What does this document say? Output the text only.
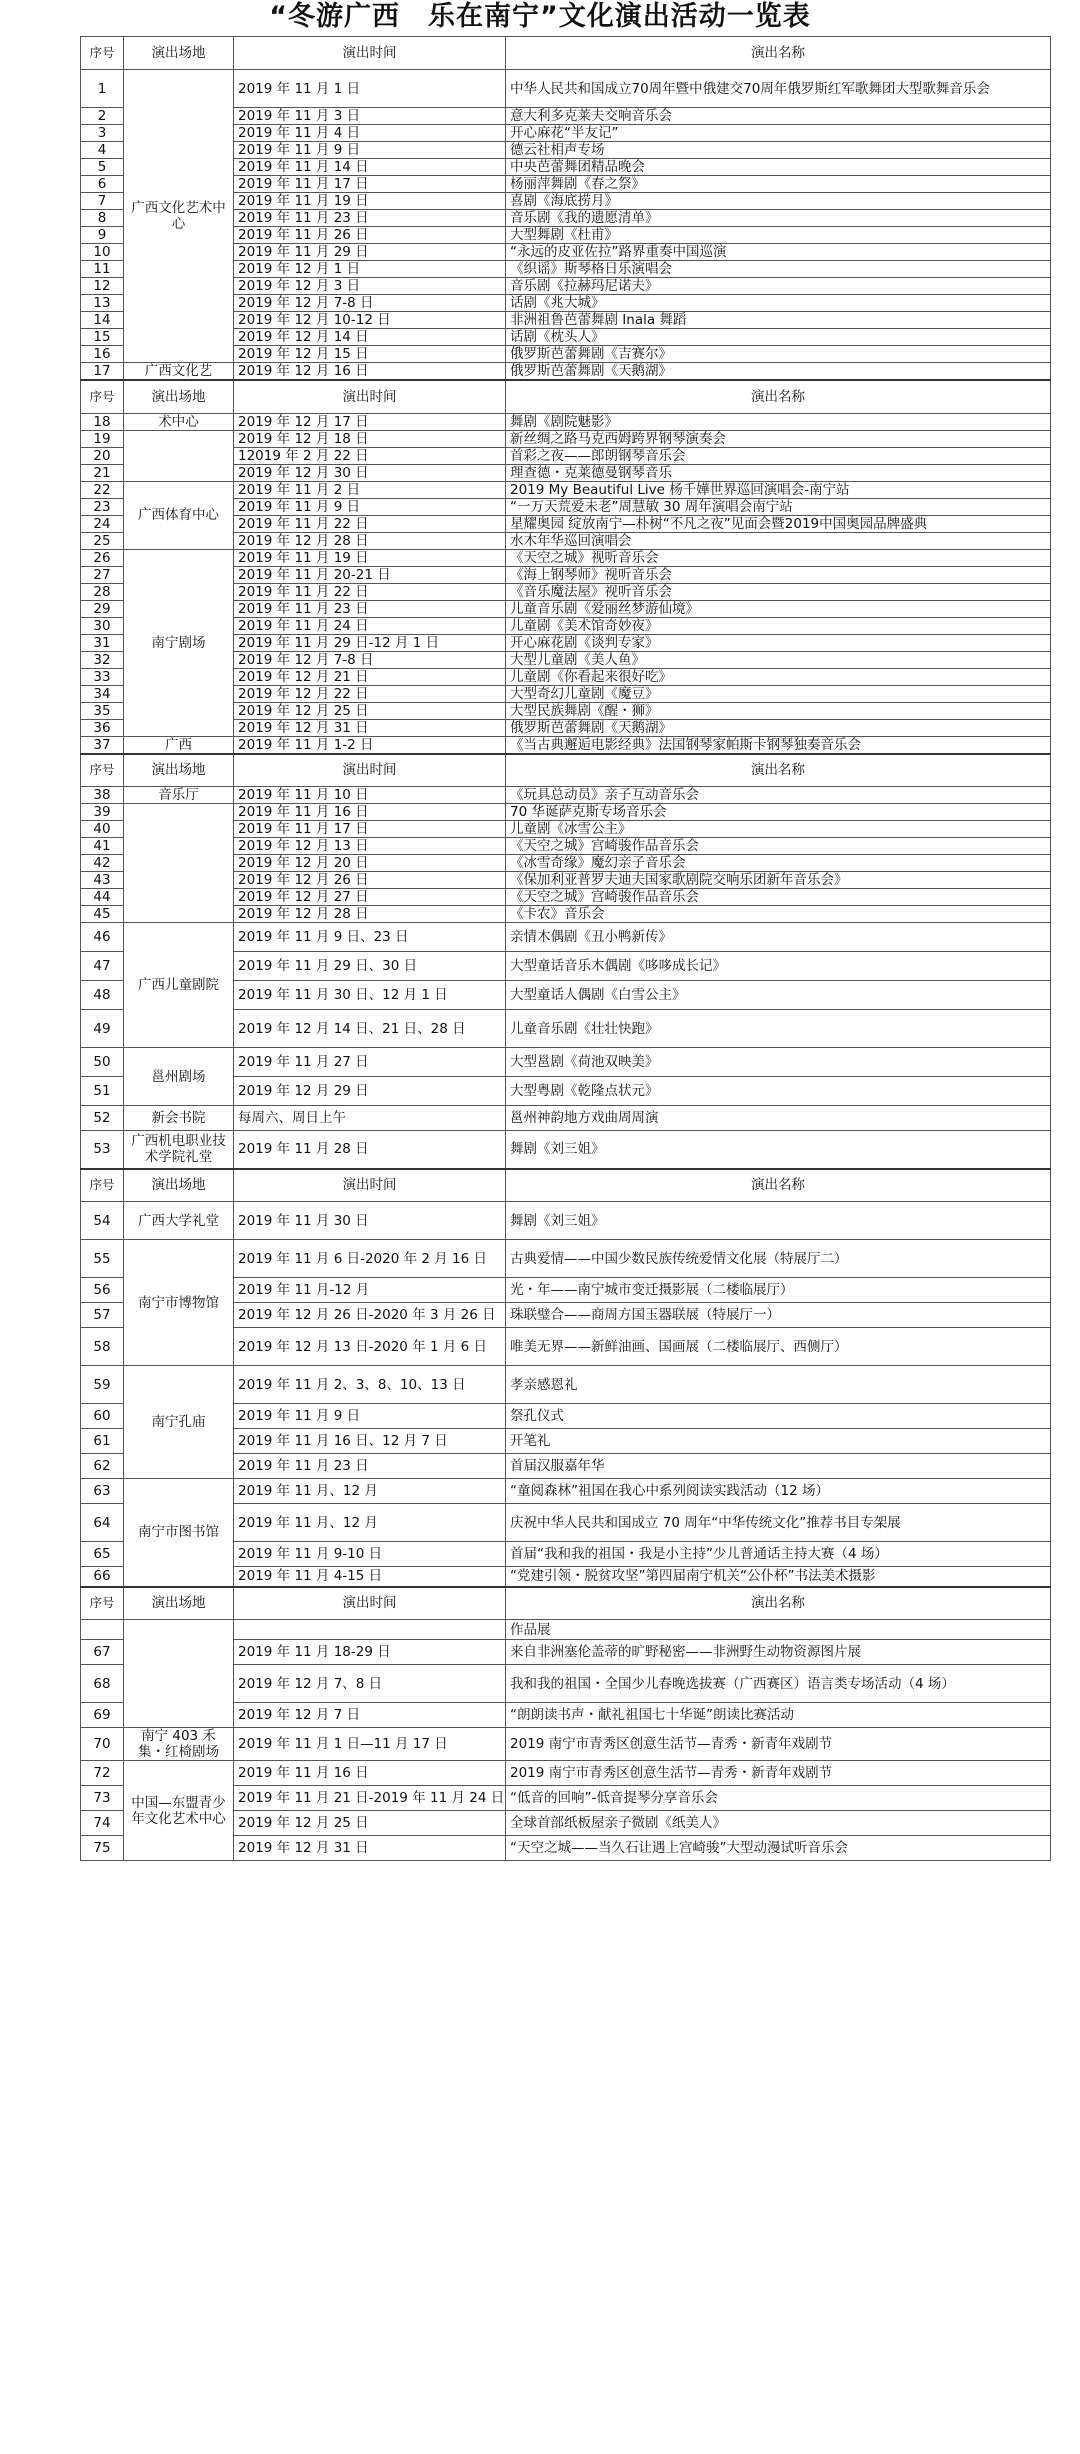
“冬游广西　乐在南宁”文化演出活动一览表
序号	演出场地	演出时间	演出名称
1	广西文化艺术中心	2019 年 11 月 1 日	中华人民共和国成立70周年暨中俄建交70周年俄罗斯红军歌舞团大型歌舞音乐会
2		2019 年 11 月 3 日	意大利多克莱夫交响音乐会
3		2019 年 11 月 4 日	开心麻花“半友记”
4		2019 年 11 月 9 日	德云社相声专场
5		2019 年 11 月 14 日	中央芭蕾舞团精品晚会
6		2019 年 11 月 17 日	杨丽萍舞剧《春之祭》
7		2019 年 11 月 19 日	喜剧《海底捞月》
8		2019 年 11 月 23 日	音乐剧《我的遗愿清单》
9		2019 年 11 月 26 日	大型舞剧《杜甫》
10		2019 年 11 月 29 日	“永远的皮亚佐拉”路界重奏中国巡演
11		2019 年 12 月 1 日	《织谣》斯琴格日乐演唱会
12		2019 年 12 月 3 日	音乐剧《拉赫玛尼诺夫》
13		2019 年 12 月 7-8 日	话剧《兆大城》
14		2019 年 12 月 10-12 日	非洲祖鲁芭蕾舞剧 Inala 舞蹈
15		2019 年 12 月 14 日	话剧《枕头人》
16		2019 年 12 月 15 日	俄罗斯芭蕾舞剧《吉赛尔》
17	广西文化艺	2019 年 12 月 16 日	俄罗斯芭蕾舞剧《天鹅湖》
序号	演出场地	演出时间	演出名称
18	术中心	2019 年 12 月 17 日	舞剧《剧院魅影》
19		2019 年 12 月 18 日	新丝绸之路马克西姆跨界钢琴演奏会
20		12019 年 2 月 22 日	首彩之夜——郎朗钢琴音乐会
21		2019 年 12 月 30 日	理查德・克莱德曼钢琴音乐
22	广西体育中心	2019 年 11 月 2 日	2019 My Beautiful Live 杨千嬅世界巡回演唱会-南宁站
23		2019 年 11 月 9 日	“一万天荒爱未老”周慧敏 30 周年演唱会南宁站
24		2019 年 11 月 22 日	星耀奥园 绽放南宁—朴树“不凡之夜”见面会暨2019中国奥园品牌盛典
25		2019 年 12 月 28 日	水木年华巡回演唱会
26	南宁剧场	2019 年 11 月 19 日	《天空之城》视听音乐会
27		2019 年 11 月 20-21 日	《海上钢琴师》视听音乐会
28		2019 年 11 月 22 日	《音乐魔法屋》视听音乐会
29		2019 年 11 月 23 日	儿童音乐剧《爱丽丝梦游仙境》
30		2019 年 11 月 24 日	儿童剧《美术馆奇妙夜》
31		2019 年 11 月 29 日-12 月 1 日	开心麻花剧《谈判专家》
32		2019 年 12 月 7-8 日	大型儿童剧《美人鱼》
33		2019 年 12 月 21 日	儿童剧《你看起来很好吃》
34		2019 年 12 月 22 日	大型奇幻儿童剧《魔豆》
35		2019 年 12 月 25 日	大型民族舞剧《醒・狮》
36		2019 年 12 月 31 日	俄罗斯芭蕾舞剧《天鹅湖》
37	广西	2019 年 11 月 1-2 日	《当古典邂逅电影经典》法国钢琴家帕斯卡钢琴独奏音乐会
序号	演出场地	演出时间	演出名称
38	音乐厅	2019 年 11 月 10 日	《玩具总动员》亲子互动音乐会
39		2019 年 11 月 16 日	70 华诞萨克斯专场音乐会
40		2019 年 11 月 17 日	儿童剧《冰雪公主》
41		2019 年 12 月 13 日	《天空之城》宫崎骏作品音乐会
42		2019 年 12 月 20 日	《冰雪奇缘》魔幻亲子音乐会
43		2019 年 12 月 26 日	《保加利亚普罗夫迪夫国家歌剧院交响乐团新年音乐会》
44		2019 年 12 月 27 日	《天空之城》宫崎骏作品音乐会
45		2019 年 12 月 28 日	《卡农》音乐会
46	广西儿童剧院	2019 年 11 月 9 日、23 日	亲情木偶剧《丑小鸭新传》
47		2019 年 11 月 29 日、30 日	大型童话音乐木偶剧《哆哆成长记》
48		2019 年 11 月 30 日、12 月 1 日	大型童话人偶剧《白雪公主》
49		2019 年 12 月 14 日、21 日、28 日	儿童音乐剧《壮壮快跑》
50	邕州剧场	2019 年 11 月 27 日	大型邕剧《荷池双映美》
51		2019 年 12 月 29 日	大型粤剧《乾隆点状元》
52	新会书院	每周六、周日上午	邕州神韵地方戏曲周周演
53	广西机电职业技术学院礼堂	2019 年 11 月 28 日	舞剧《刘三姐》
序号	演出场地	演出时间	演出名称
54	广西大学礼堂	2019 年 11 月 30 日	舞剧《刘三姐》
55	南宁市博物馆	2019 年 11 月 6 日-2020 年 2 月 16 日	古典爱情——中国少数民族传统爱情文化展（特展厅二）
56		2019 年 11 月-12 月	光・年——南宁城市变迁摄影展（二楼临展厅）
57		2019 年 12 月 26 日-2020 年 3 月 26 日	珠联璧合——商周方国玉器联展（特展厅一）
58		2019 年 12 月 13 日-2020 年 1 月 6 日	唯美无界——新鲜油画、国画展（二楼临展厅、西侧厅）
59	南宁孔庙	2019 年 11 月 2、3、8、10、13 日	孝亲感恩礼
60		2019 年 11 月 9 日	祭孔仪式
61		2019 年 11 月 16 日、12 月 7 日	开笔礼
62		2019 年 11 月 23 日	首届汉服嘉年华
63	南宁市图书馆	2019 年 11 月、12 月	“童阅森林”祖国在我心中系列阅读实践活动（12 场）
64		2019 年 11 月、12 月	庆祝中华人民共和国成立 70 周年“中华传统文化”推荐书目专架展
65		2019 年 11 月 9-10 日	首届“我和我的祖国・我是小主持”少儿普通话主持大赛（4 场）
66		2019 年 11 月 4-15 日	“党建引领・脱贫攻坚”第四届南宁机关“公仆杯”书法美术摄影
序号	演出场地	演出时间	演出名称
			作品展
67		2019 年 11 月 18-29 日	来自非洲塞伦盖蒂的旷野秘密——非洲野生动物资源图片展
68		2019 年 12 月 7、8 日	我和我的祖国・全国少儿春晚选拔赛（广西赛区）语言类专场活动（4 场）
69		2019 年 12 月 7 日	“朗朗读书声・献礼祖国七十华诞”朗读比赛活动
70	南宁 403 禾集・红椅剧场	2019 年 11 月 1 日—11 月 17 日	2019 南宁市青秀区创意生活节—青秀・新青年戏剧节
72	中国—东盟青少年文化艺术中心	2019 年 11 月 16 日	2019 南宁市青秀区创意生活节—青秀・新青年戏剧节
73		2019 年 11 月 21 日-2019 年 11 月 24 日	“低音的回响”-低音提琴分享音乐会
74		2019 年 12 月 25 日	全球首部纸板屋亲子微剧《纸美人》
75		2019 年 12 月 31 日	“天空之城——当久石让遇上宫崎骏”大型动漫试听音乐会
